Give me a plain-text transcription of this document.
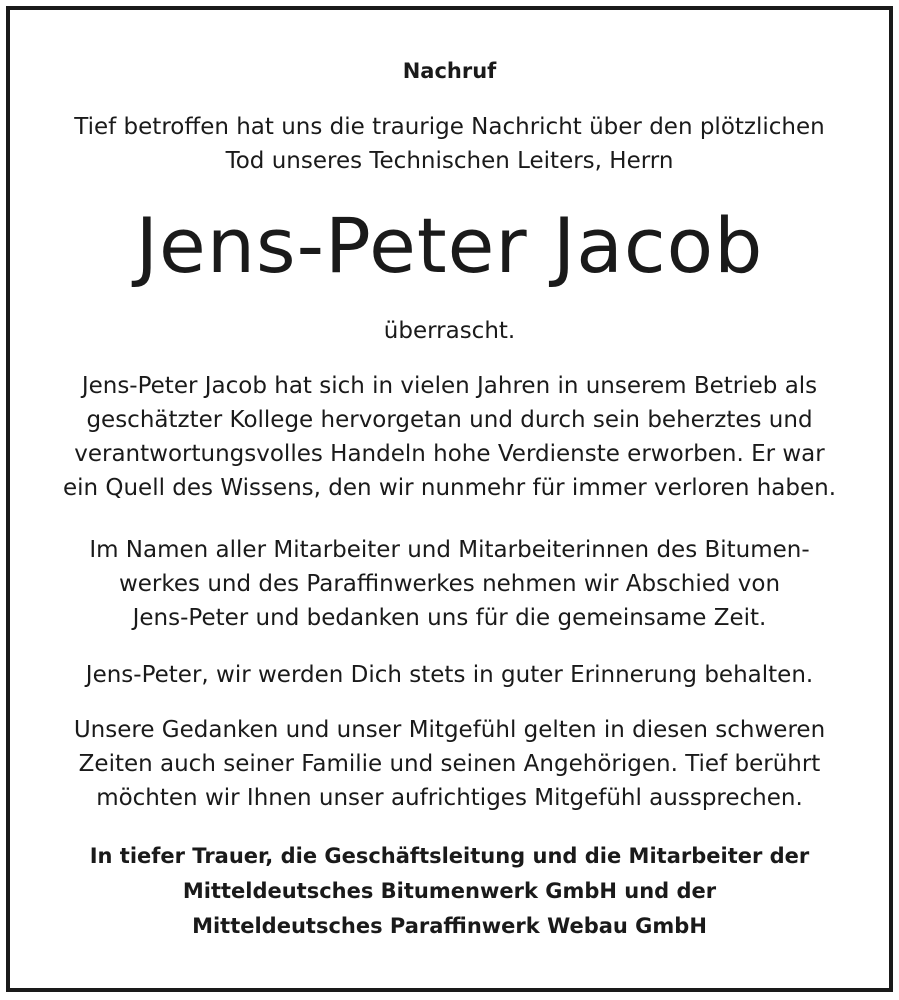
Nachruf
Tief betroffen hat uns die traurige Nachricht über den plötzlichen
Tod unseres Technischen Leiters, Herrn
Jens-Peter Jacob
überrascht.
Jens-Peter Jacob hat sich in vielen Jahren in unserem Betrieb als
geschätzter Kollege hervorgetan und durch sein beherztes und
verantwortungsvolles Handeln hohe Verdienste erworben. Er war
ein Quell des Wissens, den wir nunmehr für immer verloren haben.
Im Namen aller Mitarbeiter und Mitarbeiterinnen des Bitumen-
werkes und des Paraffinwerkes nehmen wir Abschied von
Jens-Peter und bedanken uns für die gemeinsame Zeit.
Jens-Peter, wir werden Dich stets in guter Erinnerung behalten.
Unsere Gedanken und unser Mitgefühl gelten in diesen schweren
Zeiten auch seiner Familie und seinen Angehörigen. Tief berührt
möchten wir Ihnen unser aufrichtiges Mitgefühl aussprechen.
In tiefer Trauer, die Geschäftsleitung und die Mitarbeiter der
Mitteldeutsches Bitumenwerk GmbH und der
Mitteldeutsches Paraffinwerk Webau GmbH
